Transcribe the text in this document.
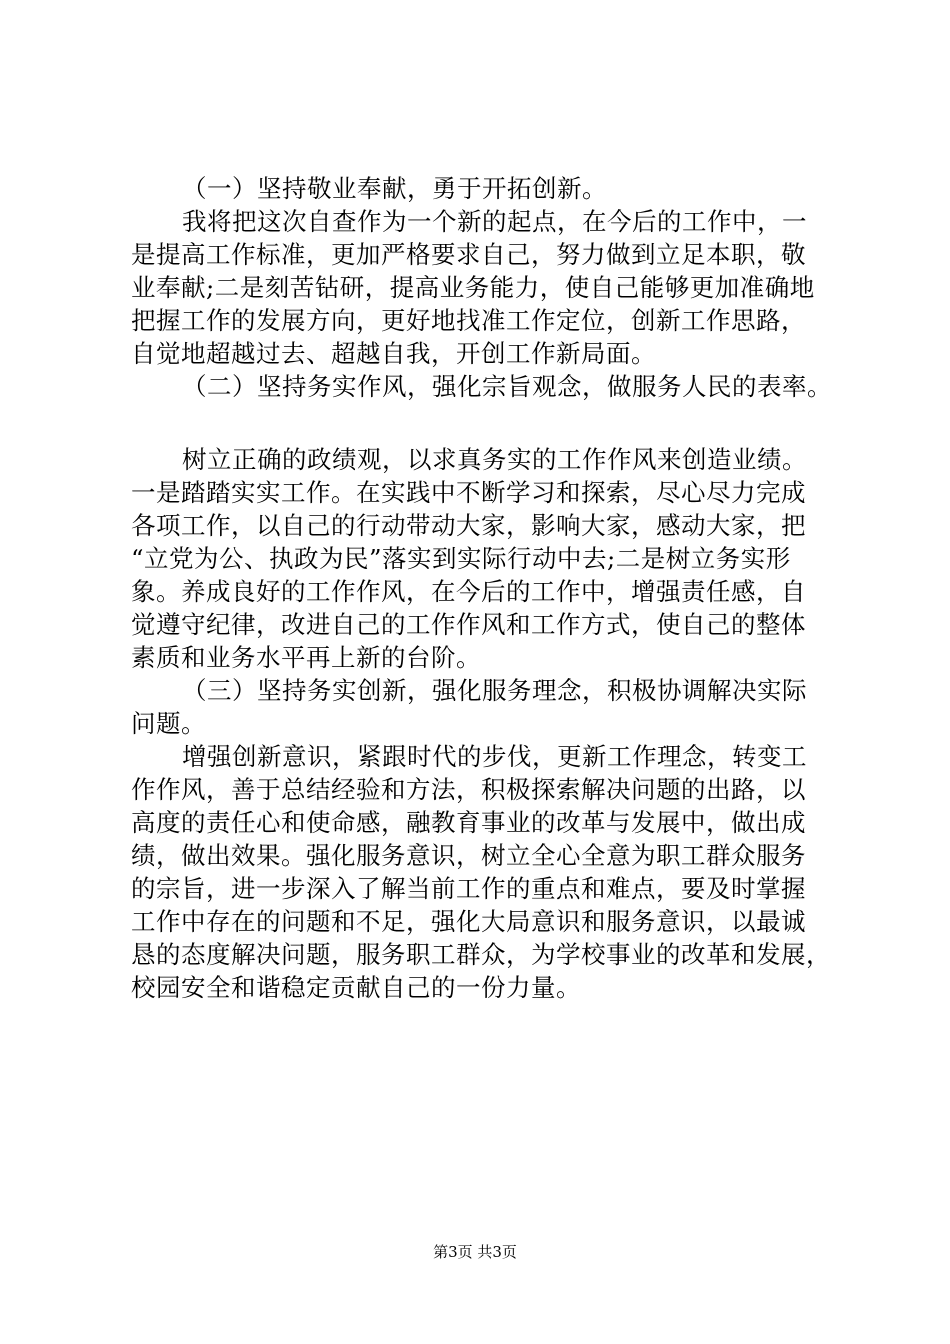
（一）坚持敬业奉献，勇于开拓创新。
我将把这次自查作为一个新的起点，在今后的工作中，一
是提高工作标准，更加严格要求自己，努力做到立足本职，敬
业奉献;二是刻苦钻研，提高业务能力，使自己能够更加准确地
把握工作的发展方向，更好地找准工作定位，创新工作思路，
自觉地超越过去、超越自我，开创工作新局面。
（二）坚持务实作风，强化宗旨观念，做服务人民的表率。
树立正确的政绩观，以求真务实的工作作风来创造业绩。
一是踏踏实实工作。在实践中不断学习和探索，尽心尽力完成
各项工作，以自己的行动带动大家，影响大家，感动大家，把
“立党为公、执政为民”落实到实际行动中去;二是树立务实形
象。养成良好的工作作风，在今后的工作中，增强责任感，自
觉遵守纪律，改进自己的工作作风和工作方式，使自己的整体
素质和业务水平再上新的台阶。
（三）坚持务实创新，强化服务理念，积极协调解决实际
问题。
增强创新意识，紧跟时代的步伐，更新工作理念，转变工
作作风，善于总结经验和方法，积极探索解决问题的出路，以
高度的责任心和使命感，融教育事业的改革与发展中，做出成
绩，做出效果。强化服务意识，树立全心全意为职工群众服务
的宗旨，进一步深入了解当前工作的重点和难点，要及时掌握
工作中存在的问题和不足，强化大局意识和服务意识，以最诚
恳的态度解决问题，服务职工群众，为学校事业的改革和发展，
校园安全和谐稳定贡献自己的一份力量。
第3页 共3页
